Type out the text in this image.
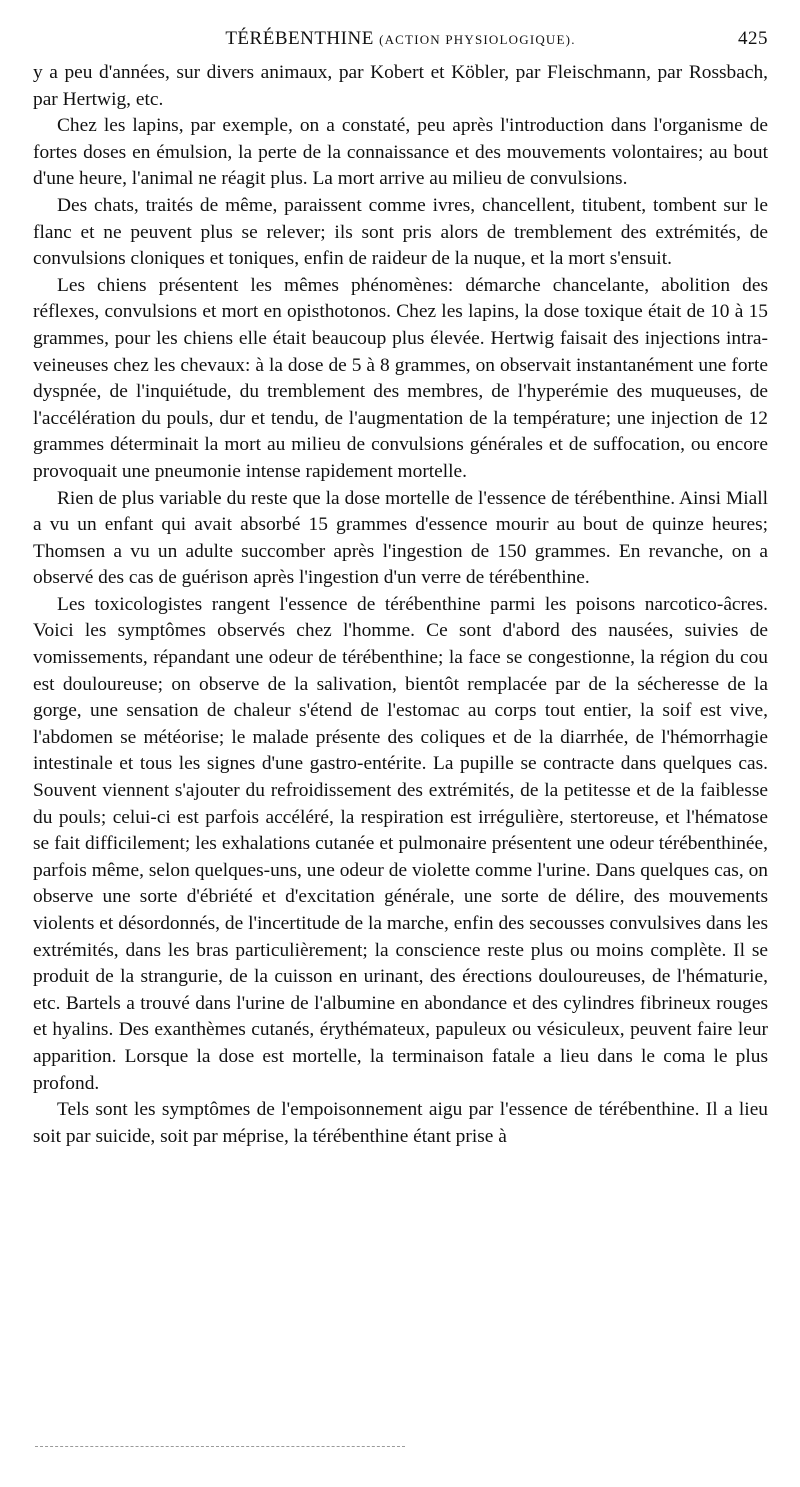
TÉRÉBENTHINE (ACTION PHYSIOLOGIQUE).	425

y a peu d'années, sur divers animaux, par Kobert et Köbler, par Fleischmann, par Rossbach, par Hertwig, etc.

Chez les lapins, par exemple, on a constaté, peu après l'introduction dans l'organisme de fortes doses en émulsion, la perte de la connaissance et des mouvements volontaires; au bout d'une heure, l'animal ne réagit plus. La mort arrive au milieu de convulsions.

Des chats, traités de même, paraissent comme ivres, chancellent, titubent, tombent sur le flanc et ne peuvent plus se relever; ils sont pris alors de tremblement des extrémités, de convulsions cloniques et toniques, enfin de raideur de la nuque, et la mort s'ensuit.

Les chiens présentent les mêmes phénomènes: démarche chancelante, abolition des réflexes, convulsions et mort en opisthotonos. Chez les lapins, la dose toxique était de 10 à 15 grammes, pour les chiens elle était beaucoup plus élevée. Hertwig faisait des injections intra-veineuses chez les chevaux: à la dose de 5 à 8 grammes, on observait instantanément une forte dyspnée, de l'inquiétude, du tremblement des membres, de l'hyperémie des muqueuses, de l'accélération du pouls, dur et tendu, de l'augmentation de la température; une injection de 12 grammes déterminait la mort au milieu de convulsions générales et de suffocation, ou encore provoquait une pneumonie intense rapidement mortelle.

Rien de plus variable du reste que la dose mortelle de l'essence de térébenthine. Ainsi Miall a vu un enfant qui avait absorbé 15 grammes d'essence mourir au bout de quinze heures; Thomsen a vu un adulte succomber après l'ingestion de 150 grammes. En revanche, on a observé des cas de guérison après l'ingestion d'un verre de térébenthine.

Les toxicologistes rangent l'essence de térébenthine parmi les poisons narcotico-âcres. Voici les symptômes observés chez l'homme. Ce sont d'abord des nausées, suivies de vomissements, répandant une odeur de térébenthine; la face se congestionne, la région du cou est douloureuse; on observe de la salivation, bientôt remplacée par de la sécheresse de la gorge, une sensation de chaleur s'étend de l'estomac au corps tout entier, la soif est vive, l'abdomen se météorise; le malade présente des coliques et de la diarrhée, de l'hémorrhagie intestinale et tous les signes d'une gastro-entérite. La pupille se contracte dans quelques cas. Souvent viennent s'ajouter du refroidissement des extrémités, de la petitesse et de la faiblesse du pouls; celui-ci est parfois accéléré, la respiration est irrégulière, stertoreuse, et l'hématose se fait difficilement; les exhalations cutanée et pulmonaire présentent une odeur térébenthinée, parfois même, selon quelques-uns, une odeur de violette comme l'urine. Dans quelques cas, on observe une sorte d'ébriété et d'excitation générale, une sorte de délire, des mouvements violents et désordonnés, de l'incertitude de la marche, enfin des secousses convulsives dans les extrémités, dans les bras particulièrement; la conscience reste plus ou moins complète. Il se produit de la strangurie, de la cuisson en urinant, des érections douloureuses, de l'hématurie, etc. Bartels a trouvé dans l'urine de l'albumine en abondance et des cylindres fibrineux rouges et hyalins. Des exanthèmes cutanés, érythémateux, papuleux ou vésiculeux, peuvent faire leur apparition. Lorsque la dose est mortelle, la terminaison fatale a lieu dans le coma le plus profond.

Tels sont les symptômes de l'empoisonnement aigu par l'essence de térébenthine. Il a lieu soit par suicide, soit par méprise, la térébenthine étant prise à
